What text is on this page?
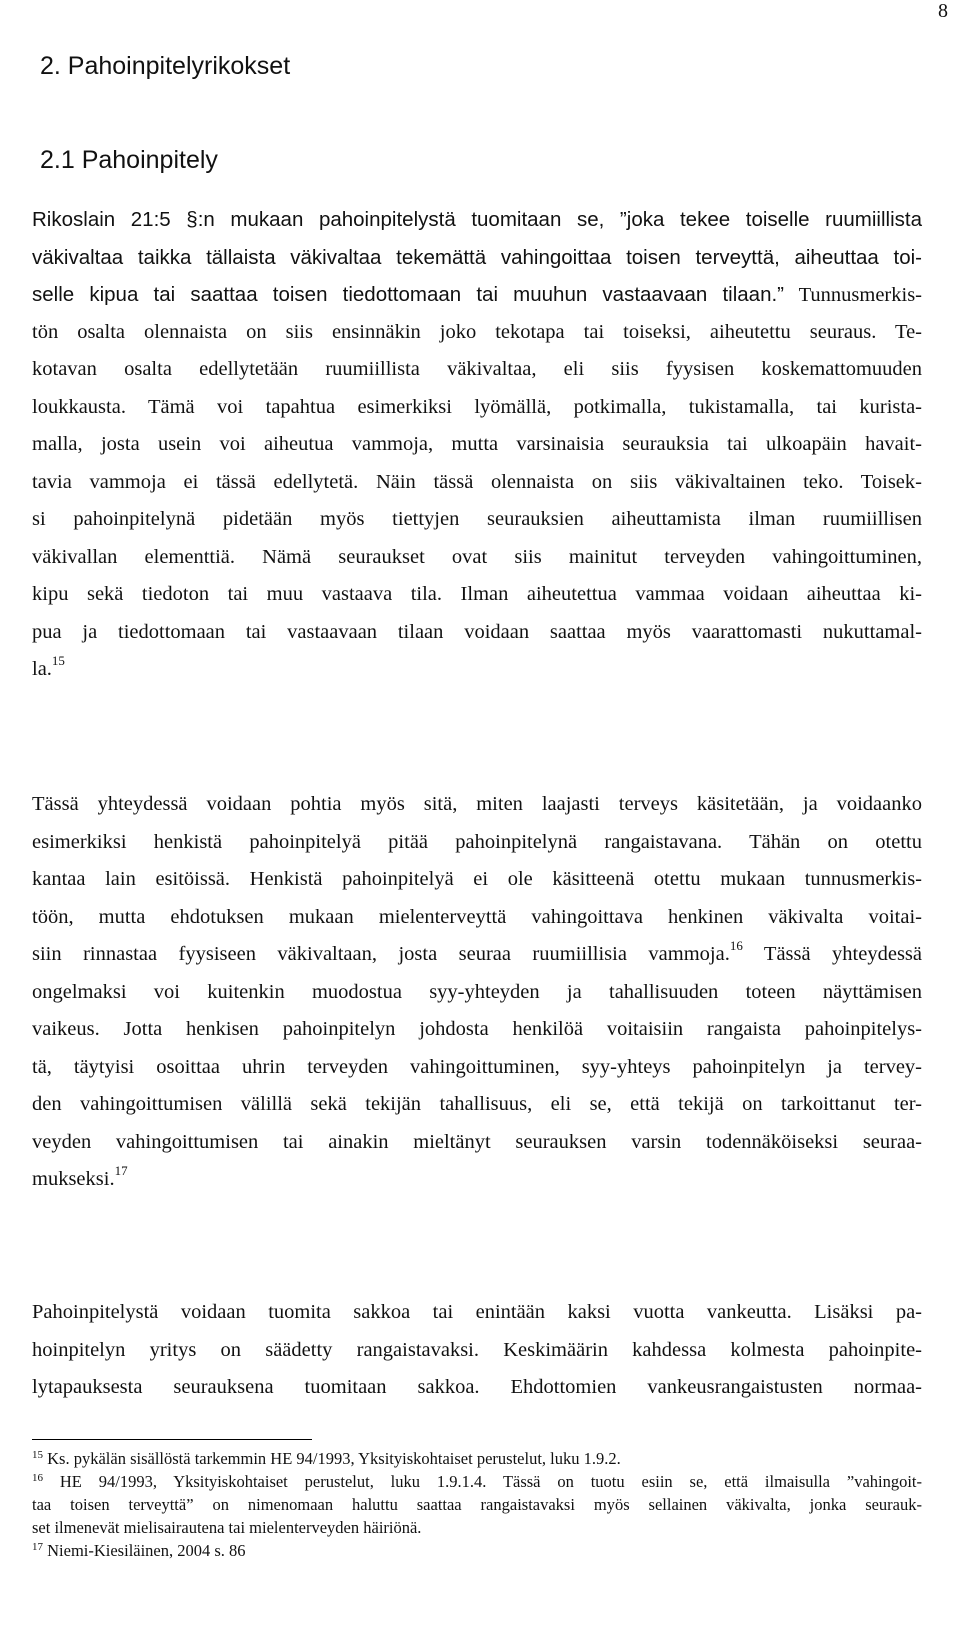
8
2. Pahoinpitelyrikokset
2.1 Pahoinpitely
Rikoslain 21:5 §:n mukaan pahoinpitelystä tuomitaan se, ”joka tekee toiselle ruumiillista
väkivaltaa taikka tällaista väkivaltaa tekemättä vahingoittaa toisen terveyttä, aiheuttaa toi-
selle kipua tai saattaa toisen tiedottomaan tai muuhun vastaavaan tilaan.” Tunnusmerkis-
tön osalta olennaista on siis ensinnäkin joko tekotapa tai toiseksi, aiheutettu seuraus. Te-
kotavan osalta edellytetään ruumiillista väkivaltaa, eli siis fyysisen koskemattomuuden
loukkausta. Tämä voi tapahtua esimerkiksi lyömällä, potkimalla, tukistamalla, tai kurista-
malla, josta usein voi aiheutua vammoja, mutta varsinaisia seurauksia tai ulkoapäin havait-
tavia vammoja ei tässä edellytetä. Näin tässä olennaista on siis väkivaltainen teko. Toisek-
si pahoinpitelynä pidetään myös tiettyjen seurauksien aiheuttamista ilman ruumiillisen
väkivallan elementtiä. Nämä seuraukset ovat siis mainitut terveyden vahingoittuminen,
kipu sekä tiedoton tai muu vastaava tila. Ilman aiheutettua vammaa voidaan aiheuttaa ki-
pua ja tiedottomaan tai vastaavaan tilaan voidaan saattaa myös vaarattomasti nukuttamal-
la.$^{15}$
Tässä yhteydessä voidaan pohtia myös sitä, miten laajasti terveys käsitetään, ja voidaanko
esimerkiksi henkistä pahoinpitelyä pitää pahoinpitelynä rangaistavana. Tähän on otettu
kantaa lain esitöissä. Henkistä pahoinpitelyä ei ole käsitteenä otettu mukaan tunnusmerkis-
töön, mutta ehdotuksen mukaan mielenterveyttä vahingoittava henkinen väkivalta voitai-
siin rinnastaa fyysiseen väkivaltaan, josta seuraa ruumiillisia vammoja.$^{16}$ Tässä yhteydessä
ongelmaksi voi kuitenkin muodostua syy-yhteyden ja tahallisuuden toteen näyttämisen
vaikeus. Jotta henkisen pahoinpitelyn johdosta henkilöä voitaisiin rangaista pahoinpitelys-
tä, täytyisi osoittaa uhrin terveyden vahingoittuminen, syy-yhteys pahoinpitelyn ja tervey-
den vahingoittumisen välillä sekä tekijän tahallisuus, eli se, että tekijä on tarkoittanut ter-
veyden vahingoittumisen tai ainakin mieltänyt seurauksen varsin todennäköiseksi seuraa-
mukseksi.$^{17}$
Pahoinpitelystä voidaan tuomita sakkoa tai enintään kaksi vuotta vankeutta. Lisäksi pa-
hoinpitelyn yritys on säädetty rangaistavaksi. Keskimäärin kahdessa kolmesta pahoinpite-
lytapauksesta seurauksena tuomitaan sakkoa. Ehdottomien vankeusrangaistusten normaa-
$^{15}$ Ks. pykälän sisällöstä tarkemmin HE 94/1993, Yksityiskohtaiset perustelut, luku 1.9.2.
$^{16}$ HE 94/1993, Yksityiskohtaiset perustelut, luku 1.9.1.4. Tässä on tuotu esiin se, että ilmaisulla ”vahingoit-
taa toisen terveyttä” on nimenomaan haluttu saattaa rangaistavaksi myös sellainen väkivalta, jonka seurauk-
set ilmenevät mielisairautena tai mielenterveyden häiriönä.
$^{17}$ Niemi-Kiesiläinen, 2004 s. 86
